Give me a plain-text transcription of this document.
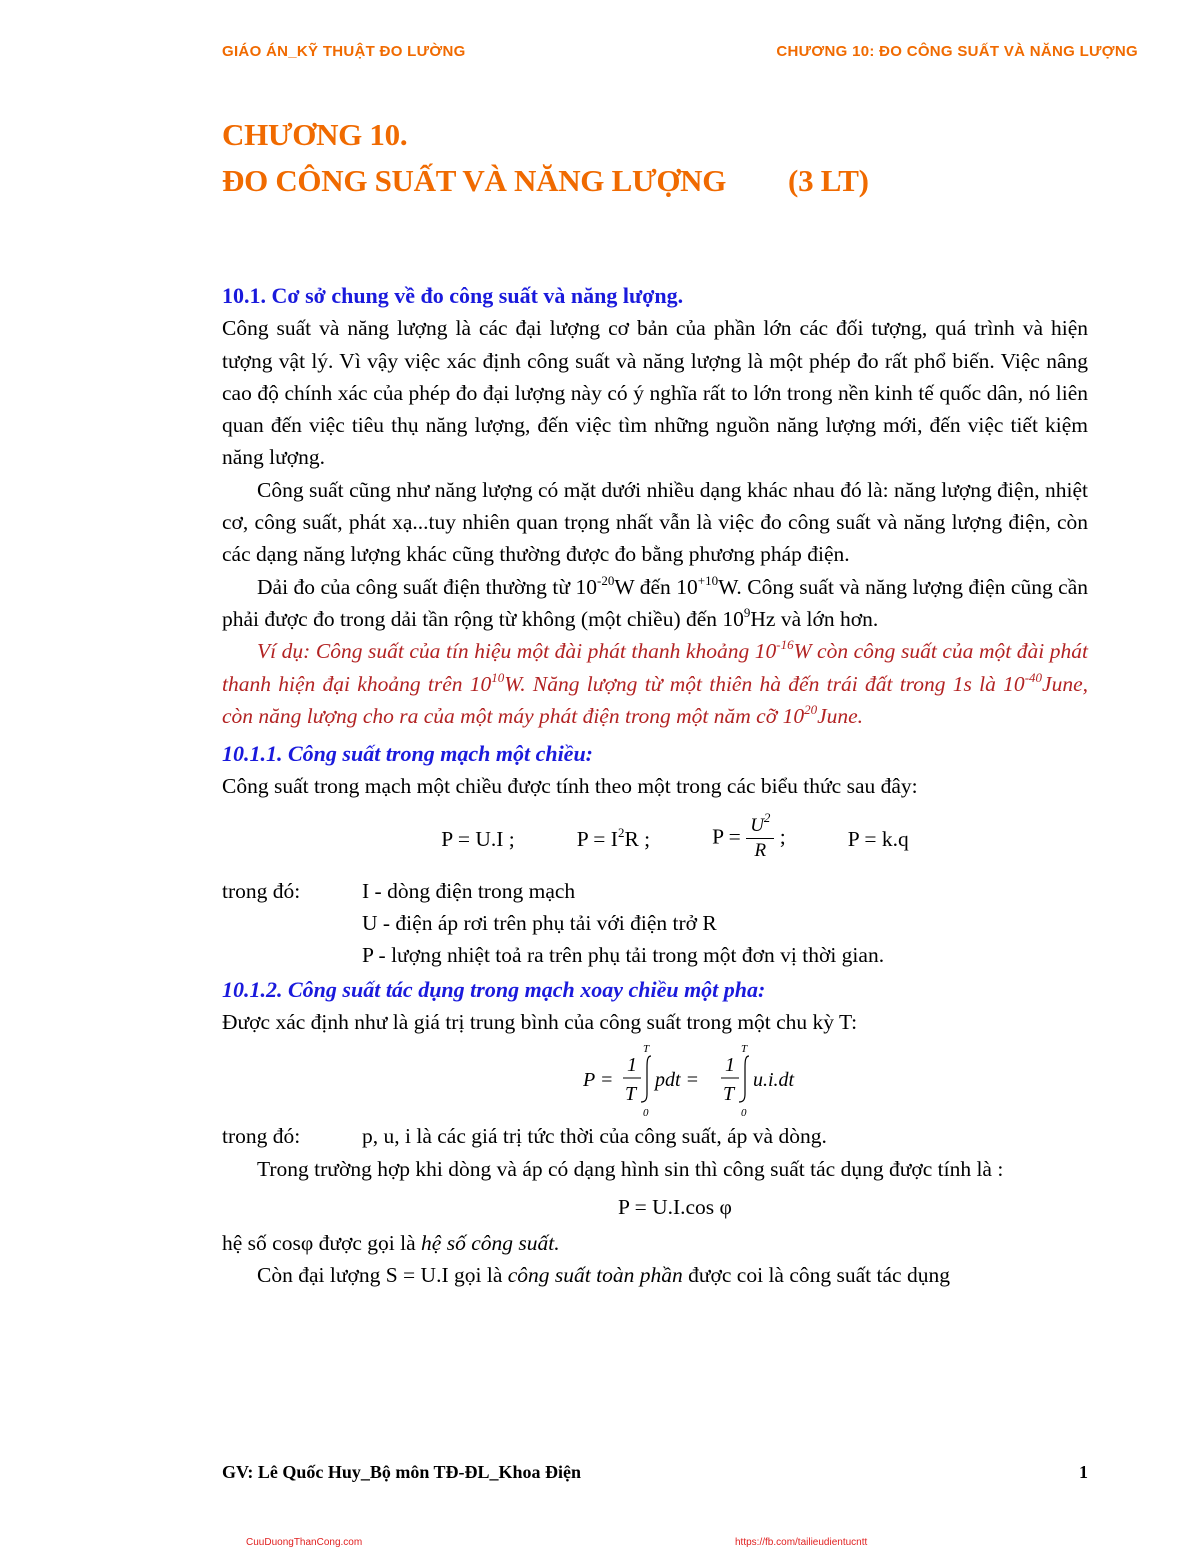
GIÁO ÁN_KỸ THUẬT ĐO LƯỜNG	CHƯƠNG 10: ĐO CÔNG SUẤT VÀ NĂNG LƯỢNG
CHƯƠNG 10.
ĐO CÔNG SUẤT VÀ NĂNG LƯỢNG (3 LT)
10.1. Cơ sở chung về đo công suất và năng lượng.

Công suất và năng lượng là các đại lượng cơ bản của phần lớn các đối tượng, quá trình và hiện tượng vật lý. Vì vậy việc xác định công suất và năng lượng là một phép đo rất phổ biến. Việc nâng cao độ chính xác của phép đo đại lượng này có ý nghĩa rất to lớn trong nền kinh tế quốc dân, nó liên quan đến việc tiêu thụ năng lượng, đến việc tìm những nguồn năng lượng mới, đến việc tiết kiệm năng lượng.

Công suất cũng như năng lượng có mặt dưới nhiều dạng khác nhau đó là: năng lượng điện, nhiệt cơ, công suất, phát xạ...tuy nhiên quan trọng nhất vẫn là việc đo công suất và năng lượng điện, còn các dạng năng lượng khác cũng thường được đo bằng phương pháp điện.

Dải đo của công suất điện thường từ $10^{-20}W$ đến $10^{+10}W$. Công suất và năng lượng điện cũng cần phải được đo trong dải tần rộng từ không (một chiều) đến $10^9Hz$ và lớn hơn.

Ví dụ: Công suất của tín hiệu một đài phát thanh khoảng $10^{-16}W$ còn công suất của một đài phát thanh hiện đại khoảng trên $10^{10}W$. Năng lượng từ một thiên hà đến trái đất trong 1s là $10^{-40}June$, còn năng lượng cho ra của một máy phát điện trong một năm cỡ $10^{20}June$.

10.1.1. Công suất trong mạch một chiều:

Công suất trong mạch một chiều được tính theo một trong các biểu thức sau đây:

P = U.I ;	$P = I^2R$ ;	$P = \frac{U^2}{R}$ ;	P = k.q
trong đó:	I - dòng điện trong mạch
U - điện áp rơi trên phụ tải với điện trở R
P - lượng nhiệt toả ra trên phụ tải trong một đơn vị thời gian.
10.1.2. Công suất tác dụng trong mạch xoay chiều một pha:

Được xác định như là giá trị trung bình của công suất trong một chu kỳ T:

P =
1
T
T
0
pdt =
1
T
T
0
u.i.dt
trong đó:	p, u, i là các giá trị tức thời của công suất, áp và dòng.

Trong trường hợp khi dòng và áp có dạng hình sin thì công suất tác dụng được tính là :

P = U.I.cos φ

hệ số cosφ được gọi là hệ số công suất.

Còn đại lượng S = U.I gọi là công suất toàn phần được coi là công suất tác dụng

GV: Lê Quốc Huy_Bộ môn TĐ-ĐL_Khoa Điện	1
CuuDuongThanCong.com	https://fb.com/tailieudientucntt
